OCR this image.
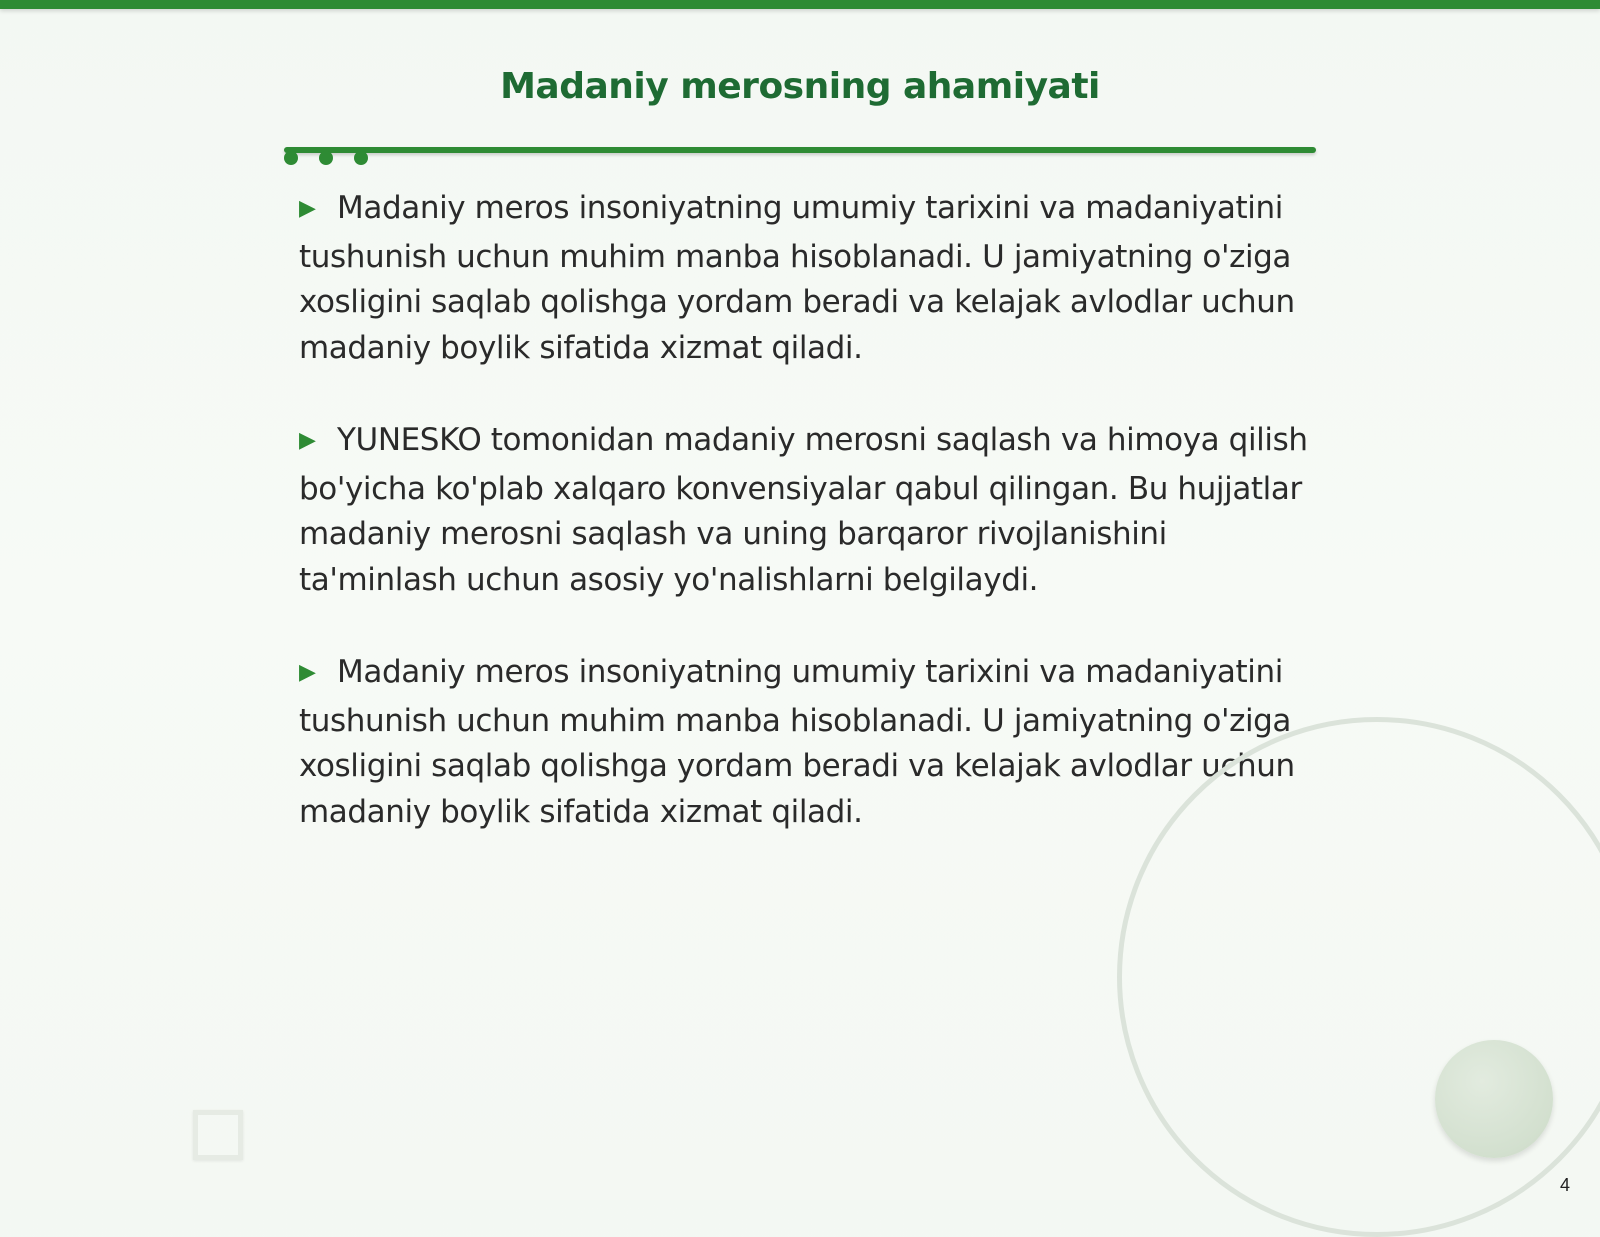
Madaniy merosning ahamiyati

▶ Madaniy meros insoniyatning umumiy tarixini va madaniyatini tushunish uchun muhim manba hisoblanadi. U jamiyatning o'ziga xosligini saqlab qolishga yordam beradi va kelajak avlodlar uchun madaniy boylik sifatida xizmat qiladi.

▶ YUNESKO tomonidan madaniy merosni saqlash va himoya qilish bo'yicha ko'plab xalqaro konvensiyalar qabul qilingan. Bu hujjatlar madaniy merosni saqlash va uning barqaror rivojlanishini ta'minlash uchun asosiy yo'nalishlarni belgilaydi.

▶ Madaniy meros insoniyatning umumiy tarixini va madaniyatini tushunish uchun muhim manba hisoblanadi. U jamiyatning o'ziga xosligini saqlab qolishga yordam beradi va kelajak avlodlar uchun madaniy boylik sifatida xizmat qiladi.

4
